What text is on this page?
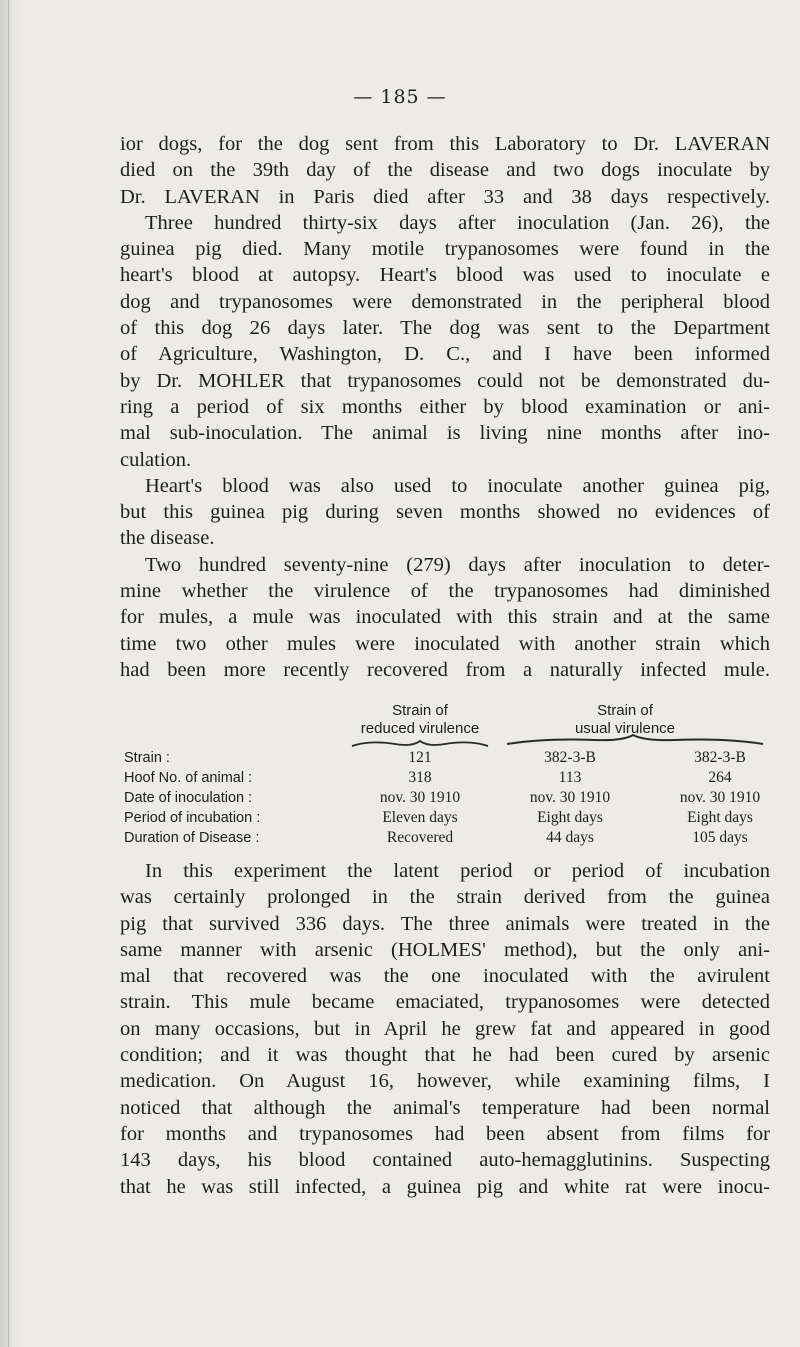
— 185 —
ior dogs, for the dog sent from this Laboratory to Dr. LAVERAN
died on the 39th day of the disease and two dogs inoculate by
Dr. LAVERAN in Paris died after 33 and 38 days respectively.
Three hundred thirty-six days after inoculation (Jan. 26), the
guinea pig died. Many motile trypanosomes were found in the
heart's blood at autopsy. Heart's blood was used to inoculate e
dog and trypanosomes were demonstrated in the peripheral blood
of this dog 26 days later. The dog was sent to the Department
of Agriculture, Washington, D. C., and I have been informed
by Dr. MOHLER that trypanosomes could not be demonstrated du-
ring a period of six months either by blood examination or ani-
mal sub-inoculation. The animal is living nine months after ino-
culation.
Heart's blood was also used to inoculate another guinea pig,
but this guinea pig during seven months showed no evidences of
the disease.
Two hundred seventy-nine (279) days after inoculation to deter-
mine whether the virulence of the trypanosomes had diminished
for mules, a mule was inoculated with this strain and at the same
time two other mules were inoculated with another strain which
had been more recently recovered from a naturally infected mule.
Strain of
reduced virulence
Strain of
usual virulence
Strain :	121	382-3-B	382-3-B
Hoof No. of animal :	318	113	264
Date of inoculation :	nov. 30 1910	nov. 30 1910	nov. 30 1910
Period of incubation :	Eleven days	Eight days	Eight days
Duration of Disease :	Recovered	44 days	105 days
In this experiment the latent period or period of incubation
was certainly prolonged in the strain derived from the guinea
pig that survived 336 days. The three animals were treated in the
same manner with arsenic (HOLMES' method), but the only ani-
mal that recovered was the one inoculated with the avirulent
strain. This mule became emaciated, trypanosomes were detected
on many occasions, but in April he grew fat and appeared in good
condition; and it was thought that he had been cured by arsenic
medication. On August 16, however, while examining films, I
noticed that although the animal's temperature had been normal
for months and trypanosomes had been absent from films for
143 days, his blood contained auto-hemagglutinins. Suspecting
that he was still infected, a guinea pig and white rat were inocu-
